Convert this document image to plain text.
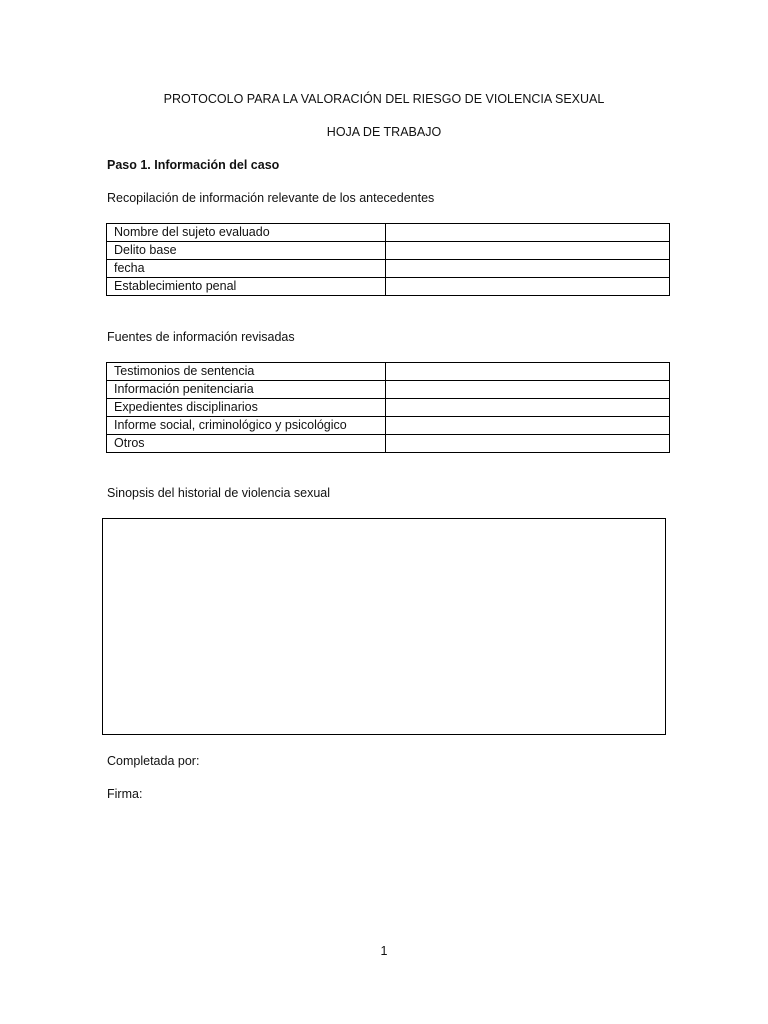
PROTOCOLO PARA LA VALORACIÓN DEL RIESGO DE VIOLENCIA SEXUAL
HOJA DE TRABAJO
Paso 1. Información del caso
Recopilación de información relevante de los antecedentes
Nombre del sujeto evaluado	
Delito base	
fecha	
Establecimiento penal	
Fuentes de información revisadas
Testimonios de sentencia	
Información penitenciaria	
Expedientes disciplinarios	
Informe social, criminológico y psicológico	
Otros	
Sinopsis del historial de violencia sexual
Completada por:
Firma:
1
